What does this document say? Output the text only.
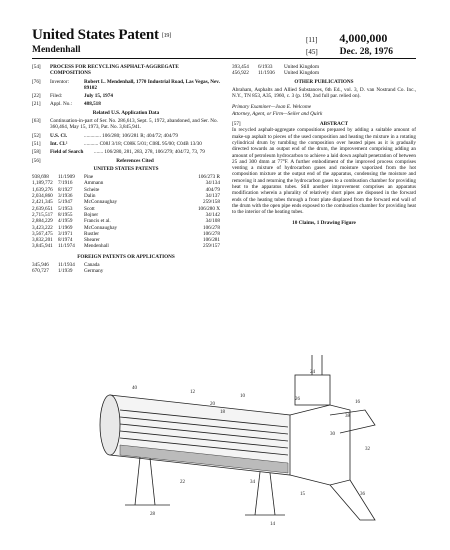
United States Patent [19]
Mendenhall
[11] 4,000,000
[45] Dec. 28, 1976
[54]	PROCESS FOR RECYCLING ASPHALT-AGGREGATE COMPOSITIONS
[76]	Inventor:	Robert L. Mendenhall, 1770 Industrial Road, Las Vegas, Nev. 89102
[22]	Filed:	July 15, 1974
[21]	Appl. No.:	488,518
Related U.S. Application Data
[63]	Continuation-in-part of Ser. No. 286,613, Sept. 5, 1972, abandoned, and Ser. No. 360,464, May 15, 1973, Pat. No. 3,845,941.
[52]	U.S. Cl.	............. 106/280; 106/281 R; 404/72; 404/79
[51]	Int. Cl.²	........... C08J 3/18; C08K 5/01; C08L 95/00; C04B 13/30
[58]	Field of Search	....... 106/280, 281, 283, 278, 106/279; 404/72, 73, 79
[56]	References Cited
UNITED STATES PATENTS
938,698	11/1909	Pine	106/273 R
1,189,772	7/1916	Ammann	34/134
1,639,276	8/1927	Scheite	404/79
2,034,860	3/1936	Dalin	34/137
2,421,345	5/1947	McConnaughay	259/158
2,639,651	5/1953	Scott	106/280 X
2,715,517	8/1955	Bojner	34/142
2,884,229	4/1959	Francis et al.	34/108
3,423,222	1/1969	McConnaughay	106/278
3,567,475	3/1971	Rustler	106/278
3,832,201	8/1974	Shearer	106/281
3,845,941	11/1974	Mendenhall	259/157
FOREIGN PATENTS OR APPLICATIONS
345,946	11/1934	Canada
670,727	1/1939	Germany
393,454	6/1933	United Kingdom
456,922	11/1936	United Kingdom
OTHER PUBLICATIONS
Abraham, Asphalts and Allied Substances, 6th Ed., vol. 3, D. van Nostrand Co. Inc., N.Y., TN 853, A35, 1960, c. 3 (p. 190, 2nd full par. relied on).
Primary Examiner—Joan E. Welcome
Attorney, Agent, or Firm—Seiler and Quirk
[57]	ABSTRACT
In recycled asphalt-aggregate compositions prepared by adding a suitable amount of make-up asphalt to pieces of the used composition and heating the mixture in a rotating cylindrical drum by tumbling the composition over heated pipes as it is gradually directed towards an output end of the drum, the improvement comprising adding an amount of petroleum hydrocarbon to achieve a laid down asphalt penetration of between 25 and 300 dmm at 77°F. A further embodiment of the improved process comprises venting a mixture of hydrocarbon gases and moisture vaporized from the hot composition mixture at the output end of the apparatus, condensing the moisture and removing it and returning the hydrocarbon gases to a combustion chamber for providing heat to the apparatus tubes. Still another improvement comprises an apparatus modification wherein a plurality of relatively short pipes are disposed in the forward ends of the heating tubes through a front plate displaced from the forward end wall of the drum with the open pipe ends exposed to the combustion chamber for providing heat to the interior of the heating tubes.
10 Claims, 1 Drawing Figure
40
12
10
20
24
16
30
32
38
26
22	34
36
18
15
14
28
